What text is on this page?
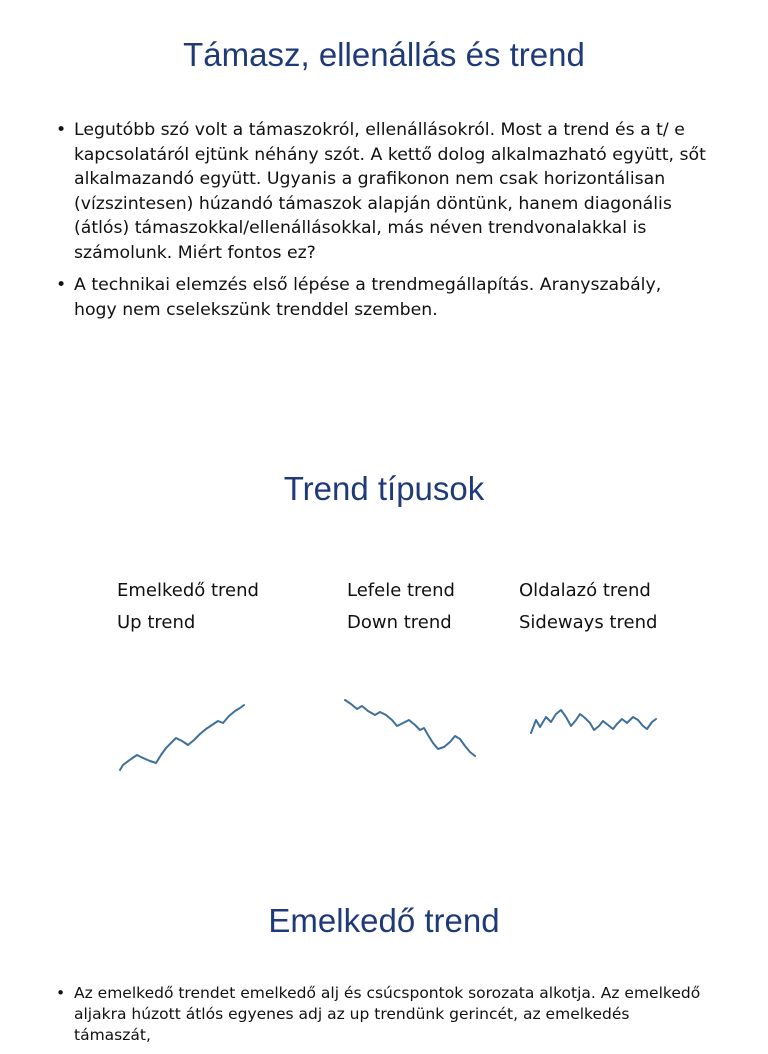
Támasz, ellenállás és trend
• Legutóbb szó volt a támaszokról, ellenállásokról. Most a trend és a t/ e kapcsolatáról ejtünk néhány szót. A kettő dolog alkalmazható együtt, sőt alkalmazandó együtt. Ugyanis a grafikonon nem csak horizontálisan (vízszintesen) húzandó támaszok alapján döntünk, hanem diagonális (átlós) támaszokkal/ellenállásokkal, más néven trendvonalakkal is számolunk. Miért fontos ez?
• A technikai elemzés első lépése a trendmegállapítás. Aranyszabály, hogy nem cselekszünk trenddel szemben.
Trend típusok
Emelkedő trend
Up trend
Lefele trend
Down trend
Oldalazó trend
Sideways trend
Emelkedő trend
• Az emelkedő trendet emelkedő alj és csúcspontok sorozata alkotja. Az emelkedő aljakra húzott átlós egyenes adj az up trendünk gerincét, az emelkedés támaszát,
